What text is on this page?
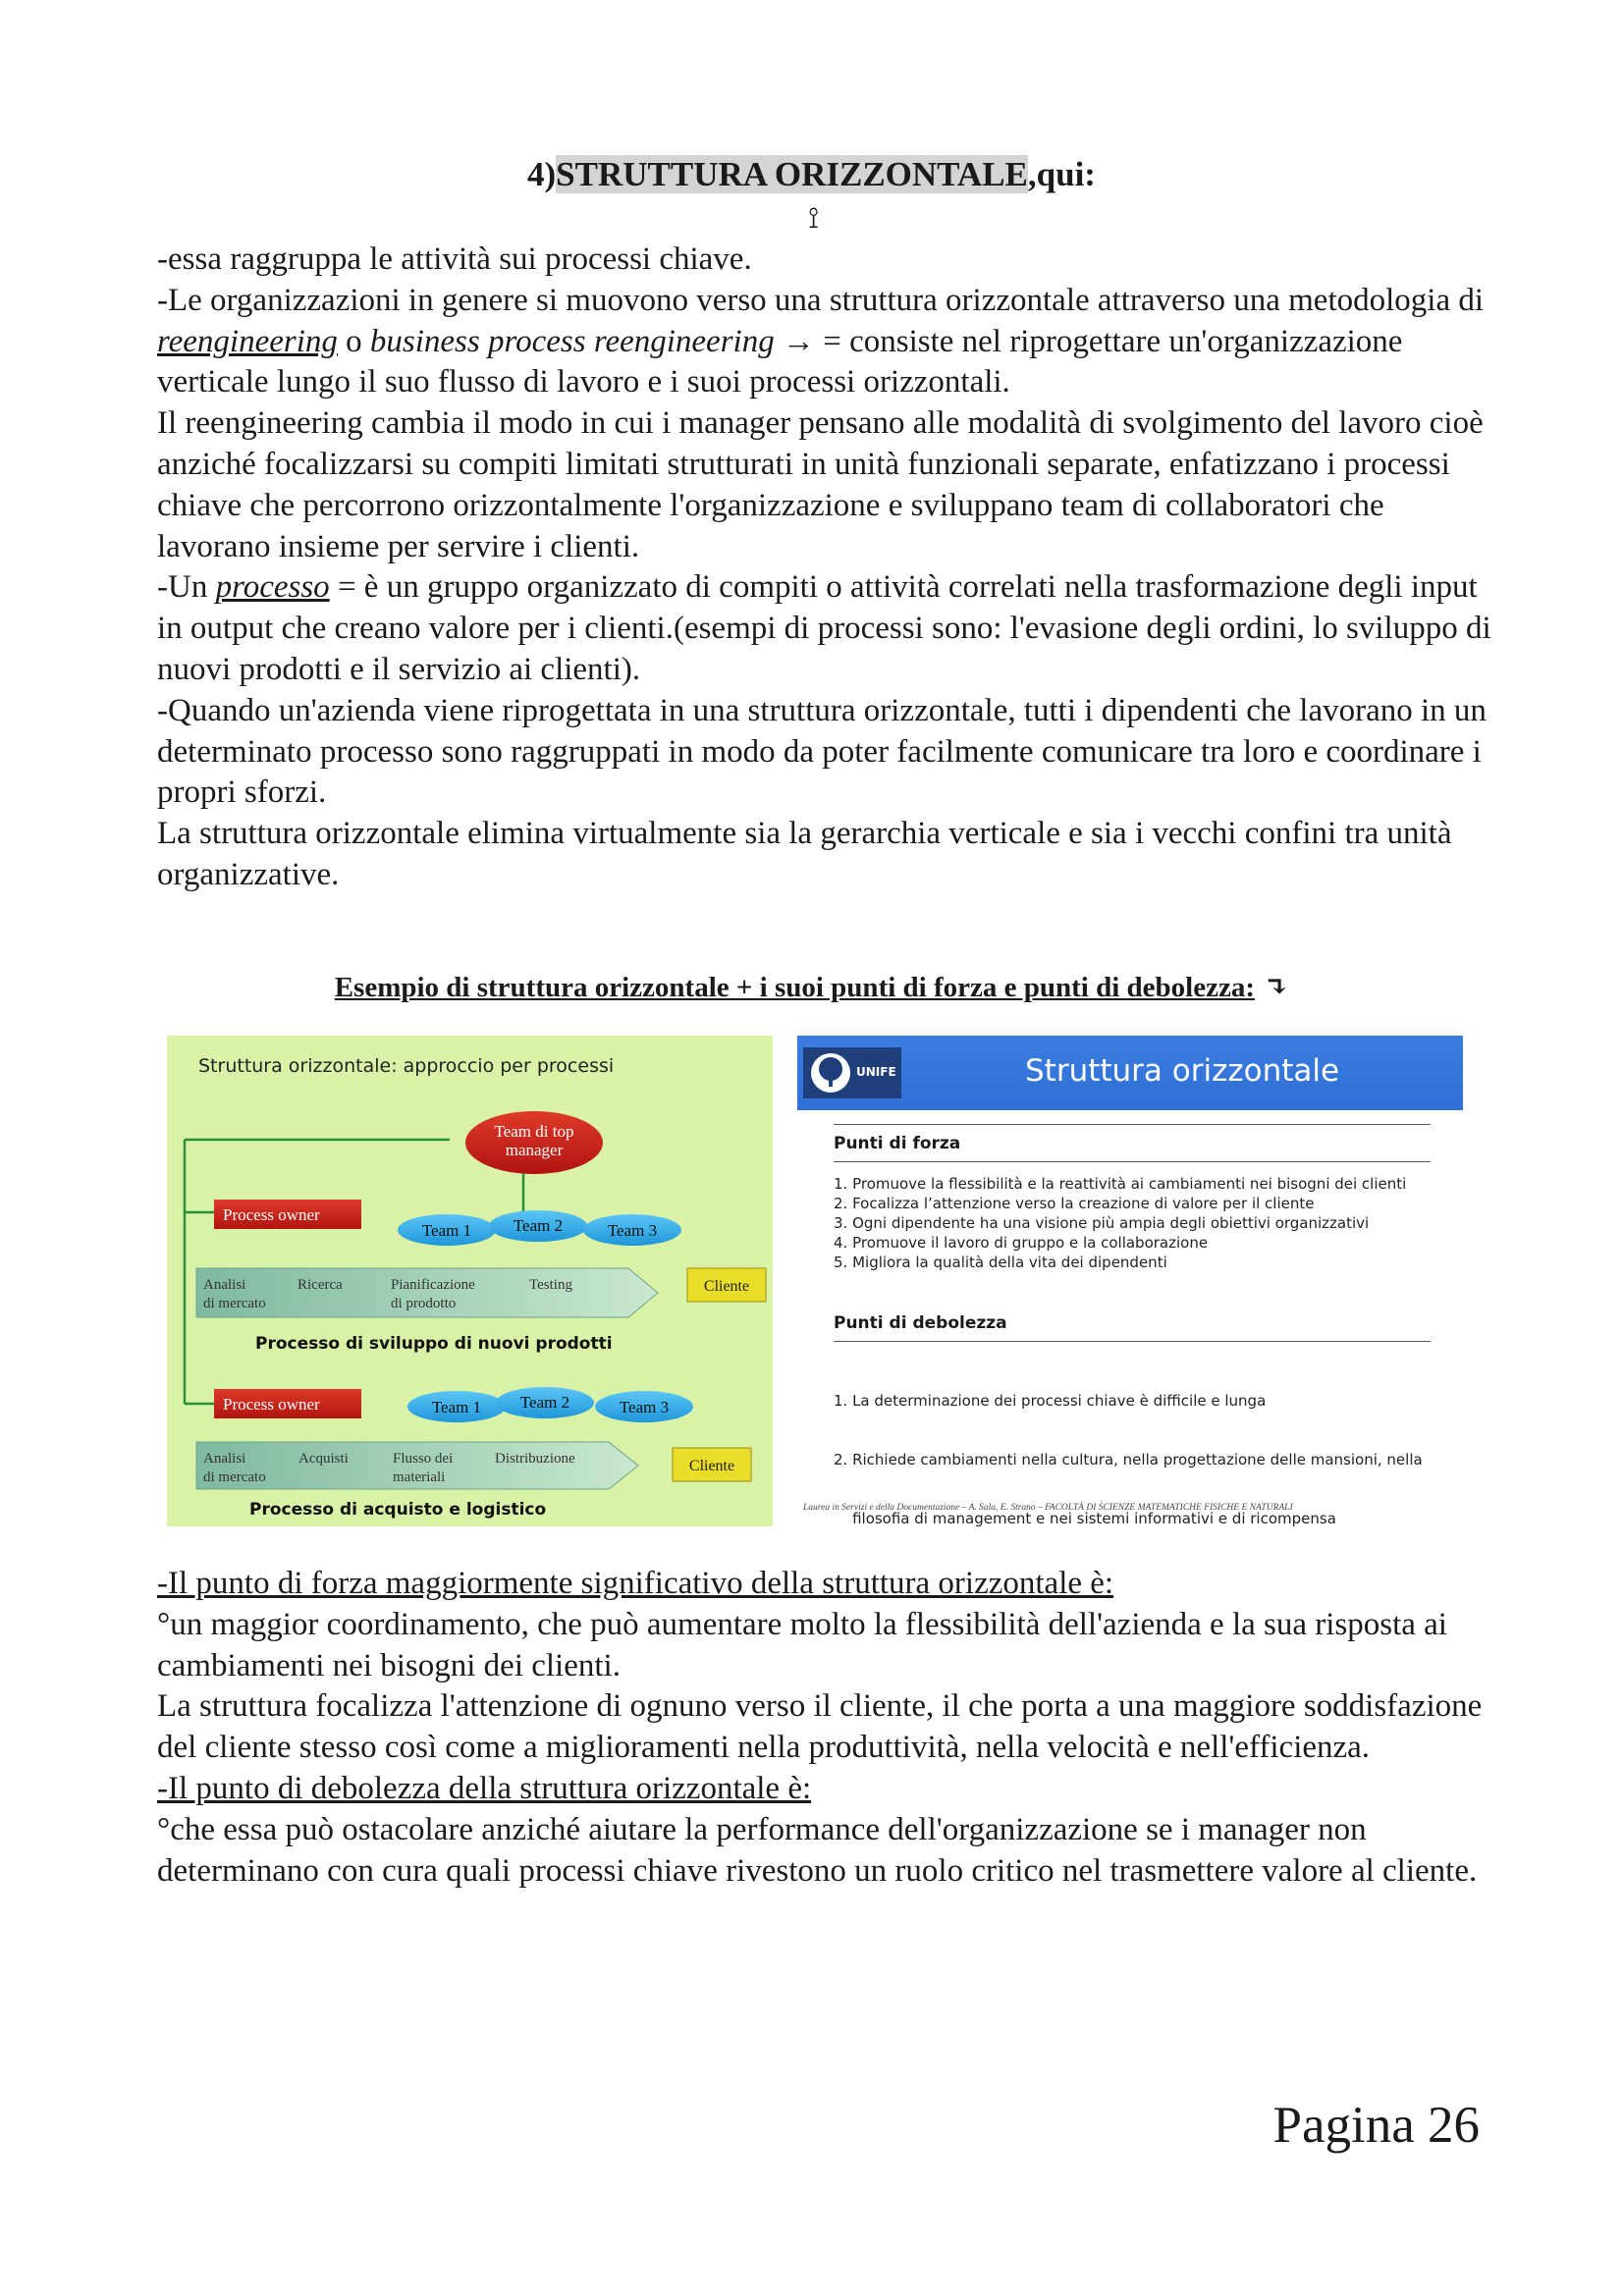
4)STRUTTURA ORIZZONTALE,qui:
⟟

-essa raggruppa le attività sui processi chiave.

-Le organizzazioni in genere si muovono verso una struttura orizzontale attraverso una metodologia di reengineering o business process reengineering → = consiste nel riprogettare un'organizzazione verticale lungo il suo flusso di lavoro e i suoi processi orizzontali.

Il reengineering cambia il modo in cui i manager pensano alle modalità di svolgimento del lavoro cioè anziché focalizzarsi su compiti limitati strutturati in unità funzionali separate, enfatizzano i processi chiave che percorrono orizzontalmente l'organizzazione e sviluppano team di collaboratori che lavorano insieme per servire i clienti.

-Un processo = è un gruppo organizzato di compiti o attività correlati nella trasformazione degli input in output che creano valore per i clienti.(esempi di processi sono: l'evasione degli ordini, lo sviluppo di nuovi prodotti e il servizio ai clienti).

-Quando un'azienda viene riprogettata in una struttura orizzontale, tutti i dipendenti che lavorano in un determinato processo sono raggruppati in modo da poter facilmente comunicare tra loro e coordinare i propri sforzi.

La struttura orizzontale elimina virtualmente sia la gerarchia verticale e sia i vecchi confini tra unità organizzative.

Esempio di struttura orizzontale + i suoi punti di forza e punti di debolezza: ↴
Struttura orizzontale: approccio per processi
Team di top
manager
Process owner
Team 1	Team 2	Team 3
Analisi
di mercato
Ricerca	Pianificazione
di prodotto
Testing	Cliente
Processo di sviluppo di nuovi prodotti
Process owner	Team 1 Team 2	Team 3
Analisi
di mercato
Acquisti	Flusso dei
materiali
Distribuzione	Cliente
Processo di acquisto e logistico
UNIFE	Struttura orizzontale
Punti di forza
1. Promuove la flessibilità e la reattività ai cambiamenti nei bisogni dei clienti
2. Focalizza l’attenzione verso la creazione di valore per il cliente
3. Ogni dipendente ha una visione più ampia degli obiettivi organizzativi
4. Promuove il lavoro di gruppo e la collaborazione
5. Migliora la qualità della vita dei dipendenti
Punti di debolezza

1. La determinazione dei processi chiave è difficile e lunga

2. Richiede cambiamenti nella cultura, nella progettazione delle mansioni, nella

filosofia di management e nei sistemi informativi e di ricompensa

Laurea in Servizi e della Documentazione – A. Sala, E. Strano – FACOLTÀ DI SCIENZE MATEMATICHE FISICHE E NATURALI

-Il punto di forza maggiormente significativo della struttura orizzontale è:

°un maggior coordinamento, che può aumentare molto la flessibilità dell'azienda e la sua risposta ai cambiamenti nei bisogni dei clienti.

La struttura focalizza l'attenzione di ognuno verso il cliente, il che porta a una maggiore soddisfazione del cliente stesso così come a miglioramenti nella produttività, nella velocità e nell'efficienza.

-Il punto di debolezza della struttura orizzontale è:

°che essa può ostacolare anziché aiutare la performance dell'organizzazione se i manager non determinano con cura quali processi chiave rivestono un ruolo critico nel trasmettere valore al cliente.

Pagina 26
